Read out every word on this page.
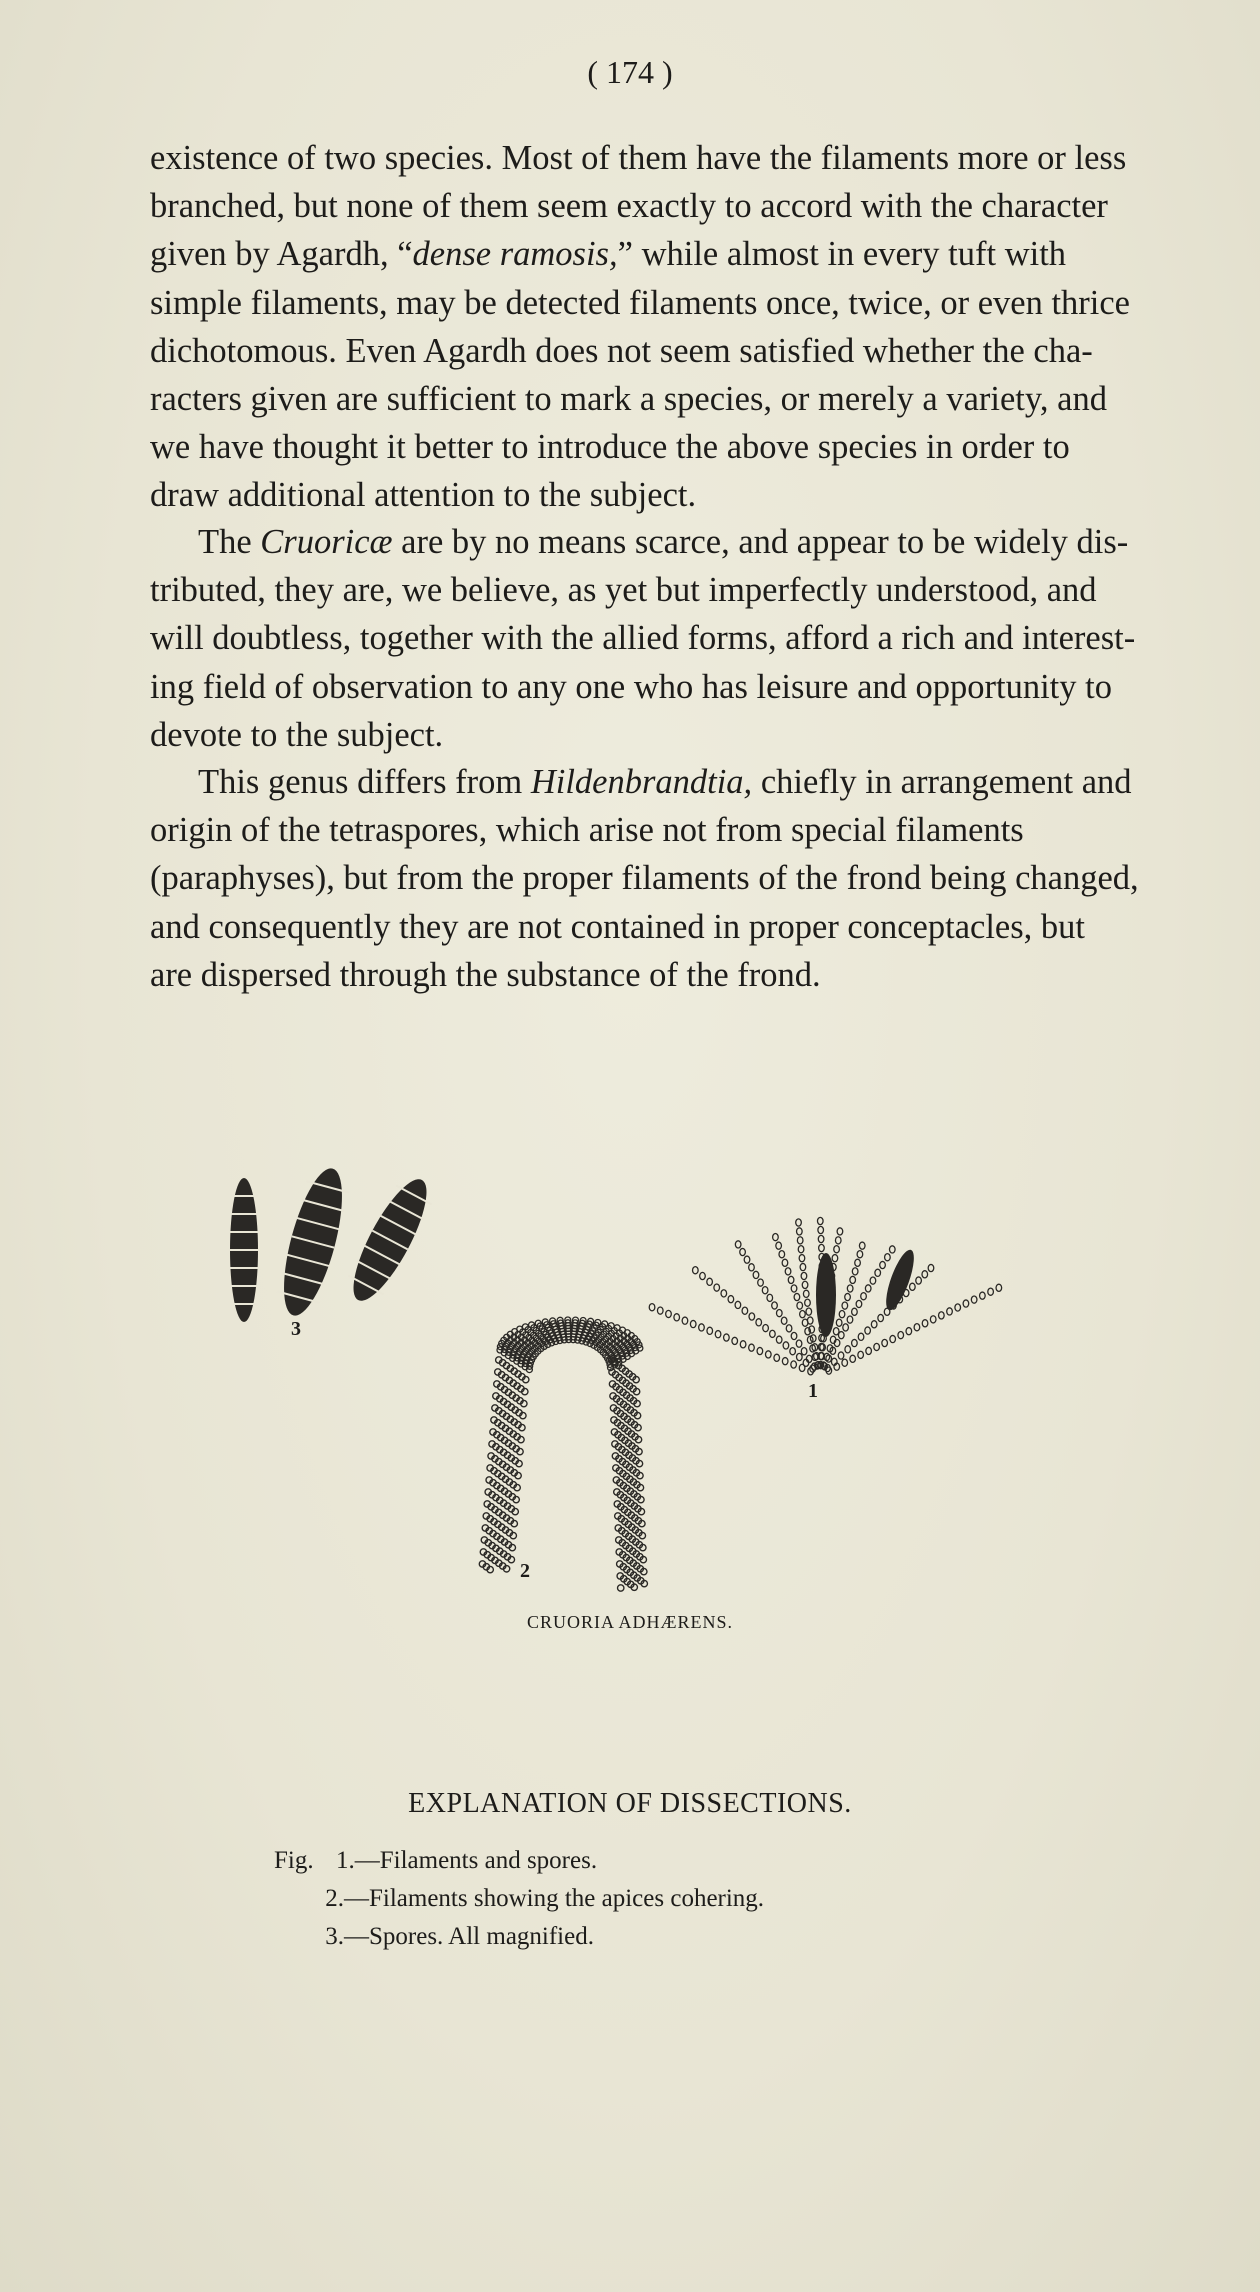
( 174 )
existence of two species. Most of them have the filaments more or less
branched, but none of them seem exactly to accord with the character
given by Agardh, “dense ramosis,” while almost in every tuft with
simple filaments, may be detected filaments once, twice, or even thrice
dichotomous. Even Agardh does not seem satisfied whether the cha-
racters given are sufficient to mark a species, or merely a variety, and
we have thought it better to introduce the above species in order to
draw additional attention to the subject.
The Cruoricæ are by no means scarce, and appear to be widely dis-
tributed, they are, we believe, as yet but imperfectly understood, and
will doubtless, together with the allied forms, afford a rich and interest-
ing field of observation to any one who has leisure and opportunity to
devote to the subject.
This genus differs from Hildenbrandtia, chiefly in arrangement and
origin of the tetraspores, which arise not from special filaments
(paraphyses), but from the proper filaments of the frond being changed,
and consequently they are not contained in proper conceptacles, but
are dispersed through the substance of the frond.
3
2
1
CRUORIA ADHÆRENS.
EXPLANATION OF DISSECTIONS.
Fig. 1.—Filaments and spores.
2.—Filaments showing the apices cohering.
3.—Spores. All magnified.
